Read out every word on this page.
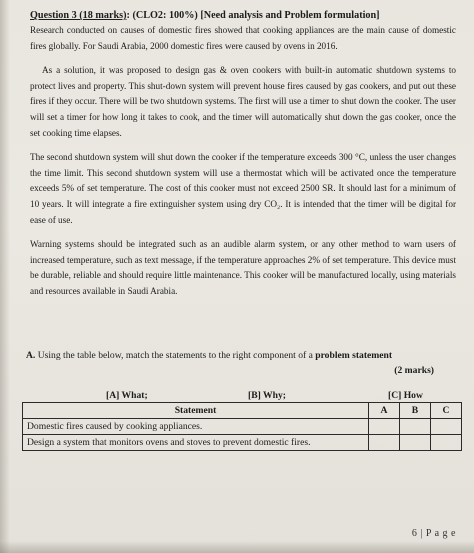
Question 3 (18 marks): (CLO2: 100%) [Need analysis and Problem formulation]

Research conducted on causes of domestic fires showed that cooking appliances are the main cause of domestic fires globally. For Saudi Arabia, 2000 domestic fires were caused by ovens in 2016.

As a solution, it was proposed to design gas & oven cookers with built-in automatic shutdown systems to protect lives and property. This shut-down system will prevent house fires caused by gas cookers, and put out these fires if they occur. There will be two shutdown systems. The first will use a timer to shut down the cooker. The user will set a timer for how long it takes to cook, and the timer will automatically shut down the gas cooker, once the set cooking time elapses.

The second shutdown system will shut down the cooker if the temperature exceeds 300 °C, unless the user changes the time limit. This second shutdown system will use a thermostat which will be activated once the temperature exceeds 5% of set temperature. The cost of this cooker must not exceed 2500 SR. It should last for a minimum of 10 years. It will integrate a fire extinguisher system using dry CO₂. It is intended that the timer will be digital for ease of use.

Warning systems should be integrated such as an audible alarm system, or any other method to warn users of increased temperature, such as text message, if the temperature approaches 2% of set temperature. This device must be durable, reliable and should require little maintenance. This cooker will be manufactured locally, using materials and resources available in Saudi Arabia.

A. Using the table below, match the statements to the right component of a problem statement
(2 marks)
[A] What;	[B] Why;	[C] How
Statement	A	B	C
Domestic fires caused by cooking appliances.			
Design a system that monitors ovens and stoves to prevent domestic fires.			
6 | P a g e
